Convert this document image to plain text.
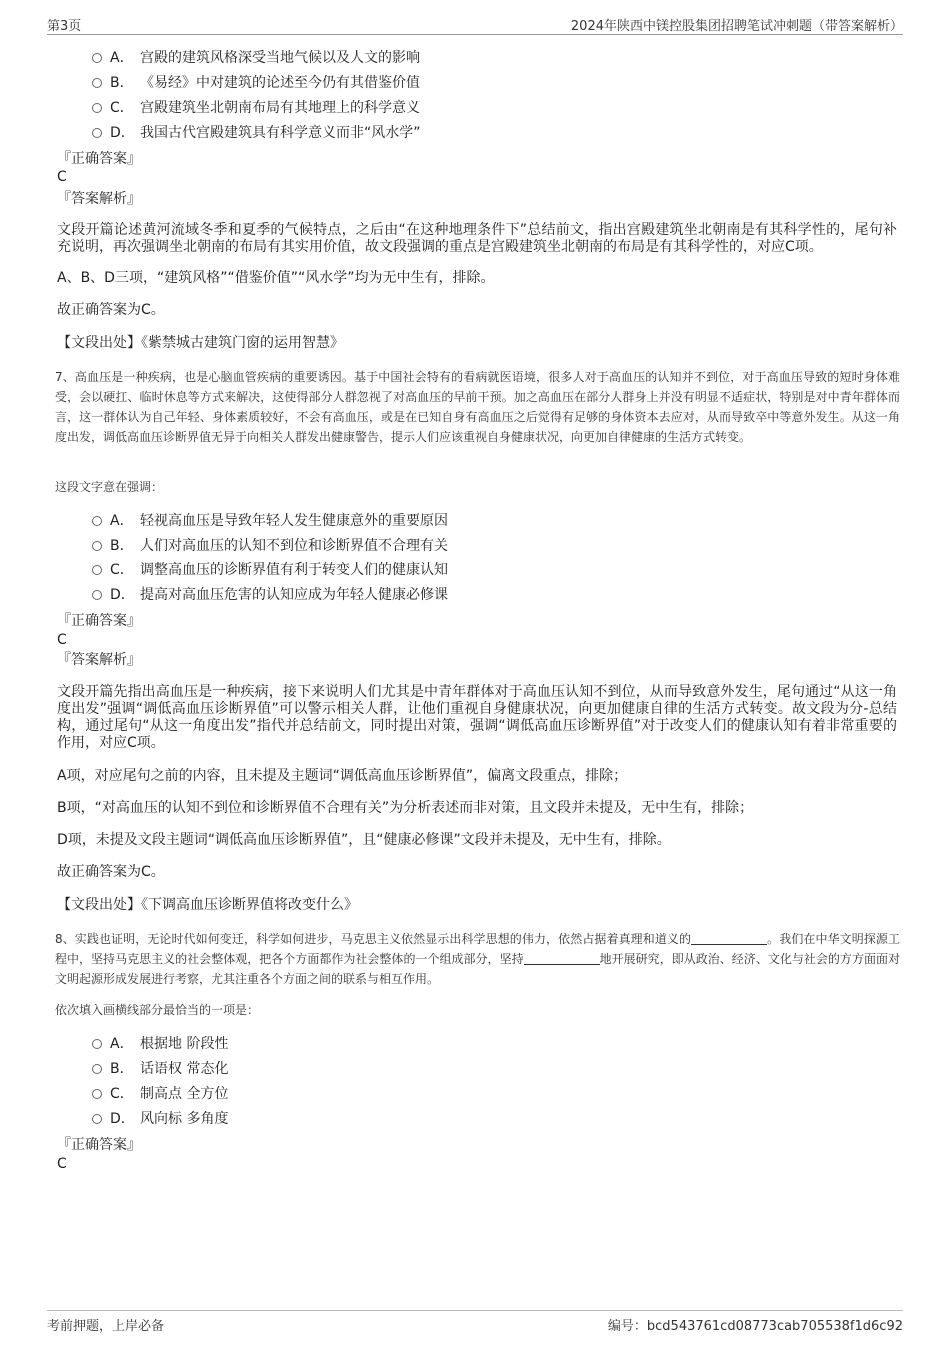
第3页	2024年陕西中镁控股集团招聘笔试冲刺题（带答案解析）
A． 宫殿的建筑风格深受当地气候以及人文的影响
B． 《易经》中对建筑的论述至今仍有其借鉴价值
C． 宫殿建筑坐北朝南布局有其地理上的科学意义
D． 我国古代宫殿建筑具有科学意义而非“风水学”
『正确答案』
C
『答案解析』
文段开篇论述黄河流域冬季和夏季的气候特点，之后由“在这种地理条件下”总结前文，指出宫殿建筑坐北朝南是有其科学性的，尾句补充说明，再次强调坐北朝南的布局有其实用价值，故文段强调的重点是宫殿建筑坐北朝南的布局是有其科学性的，对应C项。
A、B、D三项，“建筑风格”“借鉴价值”“风水学”均为无中生有，排除。
故正确答案为C。
【文段出处】《紫禁城古建筑门窗的运用智慧》
7、高血压是一种疾病，也是心脑血管疾病的重要诱因。基于中国社会特有的看病就医语境，很多人对于高血压的认知并不到位，对于高血压导致的短时身体难受，会以硬扛、临时休息等方式来解决，这使得部分人群忽视了对高血压的早前干预。加之高血压在部分人群身上并没有明显不适症状，特别是对中青年群体而言，这一群体认为自己年轻、身体素质较好，不会有高血压，或是在已知自身有高血压之后觉得有足够的身体资本去应对，从而导致卒中等意外发生。从这一角度出发，调低高血压诊断界值无异于向相关人群发出健康警告，提示人们应该重视自身健康状况，向更加自律健康的生活方式转变。
这段文字意在强调：
A． 轻视高血压是导致年轻人发生健康意外的重要原因
B． 人们对高血压的认知不到位和诊断界值不合理有关
C． 调整高血压的诊断界值有利于转变人们的健康认知
D． 提高对高血压危害的认知应成为年轻人健康必修课
『正确答案』
C
『答案解析』
文段开篇先指出高血压是一种疾病，接下来说明人们尤其是中青年群体对于高血压认知不到位，从而导致意外发生，尾句通过“从这一角度出发”强调“调低高血压诊断界值”可以警示相关人群，让他们重视自身健康状况，向更加健康自律的生活方式转变。故文段为分-总结构，通过尾句“从这一角度出发”指代并总结前文，同时提出对策，强调“调低高血压诊断界值”对于改变人们的健康认知有着非常重要的作用，对应C项。
A项，对应尾句之前的内容，且未提及主题词“调低高血压诊断界值”，偏离文段重点，排除；
B项，“对高血压的认知不到位和诊断界值不合理有关”为分析表述而非对策，且文段并未提及，无中生有，排除；
D项，未提及文段主题词“调低高血压诊断界值”，且“健康必修课”文段并未提及，无中生有，排除。
故正确答案为C。
【文段出处】《下调高血压诊断界值将改变什么》
8、实践也证明，无论时代如何变迁，科学如何进步，马克思主义依然显示出科学思想的伟力，依然占据着真理和道义的	。我们在中华文明探源工程中，坚持马克思主义的社会整体观，把各个方面都作为社会整体的一个组成部分，坚持	地开展研究，即从政治、经济、文化与社会的方方面面对文明起源形成发展进行考察，尤其注重各个方面之间的联系与相互作用。
依次填入画横线部分最恰当的一项是：
A． 根据地 阶段性
B． 话语权 常态化
C． 制高点 全方位
D． 风向标 多角度
『正确答案』
C
考前押题，上岸必备	编号：bcd543761cd08773cab705538f1d6c92
